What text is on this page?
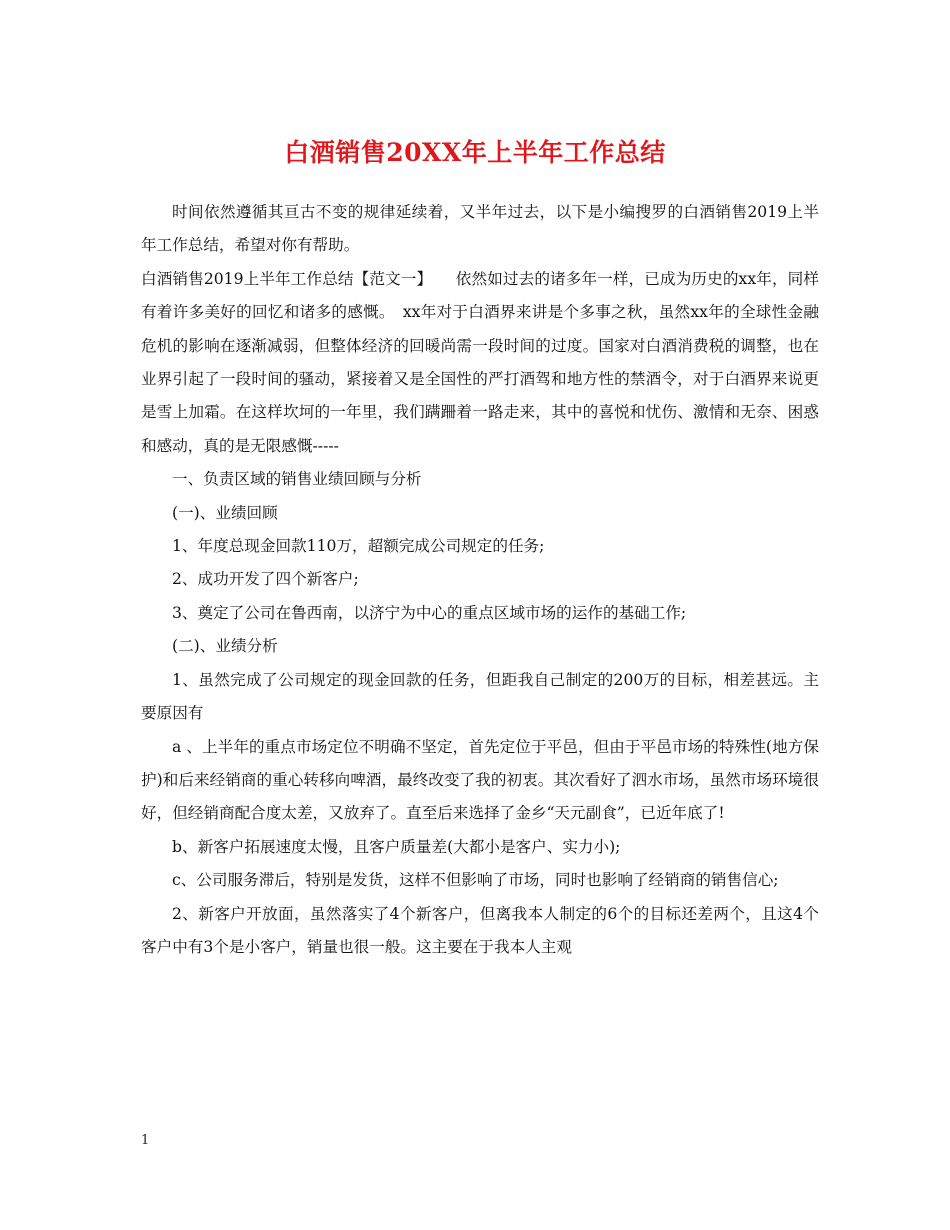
白酒销售20XX年上半年工作总结

时间依然遵循其亘古不变的规律延续着，又半年过去，以下是小编搜罗的白酒销售2019上半年工作总结，希望对你有帮助。

白酒销售2019上半年工作总结【范文一】　　依然如过去的诸多年一样，已成为历史的xx年，同样有着许多美好的回忆和诸多的感慨。　xx年对于白酒界来讲是个多事之秋，虽然xx年的全球性金融危机的影响在逐渐减弱，但整体经济的回暖尚需一段时间的过度。国家对白酒消费税的调整，也在业界引起了一段时间的骚动，紧接着又是全国性的严打酒驾和地方性的禁酒令，对于白酒界来说更是雪上加霜。在这样坎坷的一年里，我们蹒跚着一路走来，其中的喜悦和忧伤、激情和无奈、困惑和感动，真的是无限感慨-----

一、负责区域的销售业绩回顾与分析

(一)、业绩回顾

1、年度总现金回款110万，超额完成公司规定的任务;

2、成功开发了四个新客户;

3、奠定了公司在鲁西南，以济宁为中心的重点区域市场的运作的基础工作;

(二)、业绩分析

1、虽然完成了公司规定的现金回款的任务，但距我自己制定的200万的目标，相差甚远。主要原因有

a 、上半年的重点市场定位不明确不坚定，首先定位于平邑，但由于平邑市场的特殊性(地方保护)和后来经销商的重心转移向啤酒，最终改变了我的初衷。其次看好了泗水市场，虽然市场环境很好，但经销商配合度太差，又放弃了。直至后来选择了金乡“天元副食”，已近年底了!

b、新客户拓展速度太慢，且客户质量差(大都小是客户、实力小);

c、公司服务滞后，特别是发货，这样不但影响了市场，同时也影响了经销商的销售信心;

2、新客户开放面，虽然落实了4个新客户，但离我本人制定的6个的目标还差两个，且这4个客户中有3个是小客户，销量也很一般。这主要在于我本人主观

1
